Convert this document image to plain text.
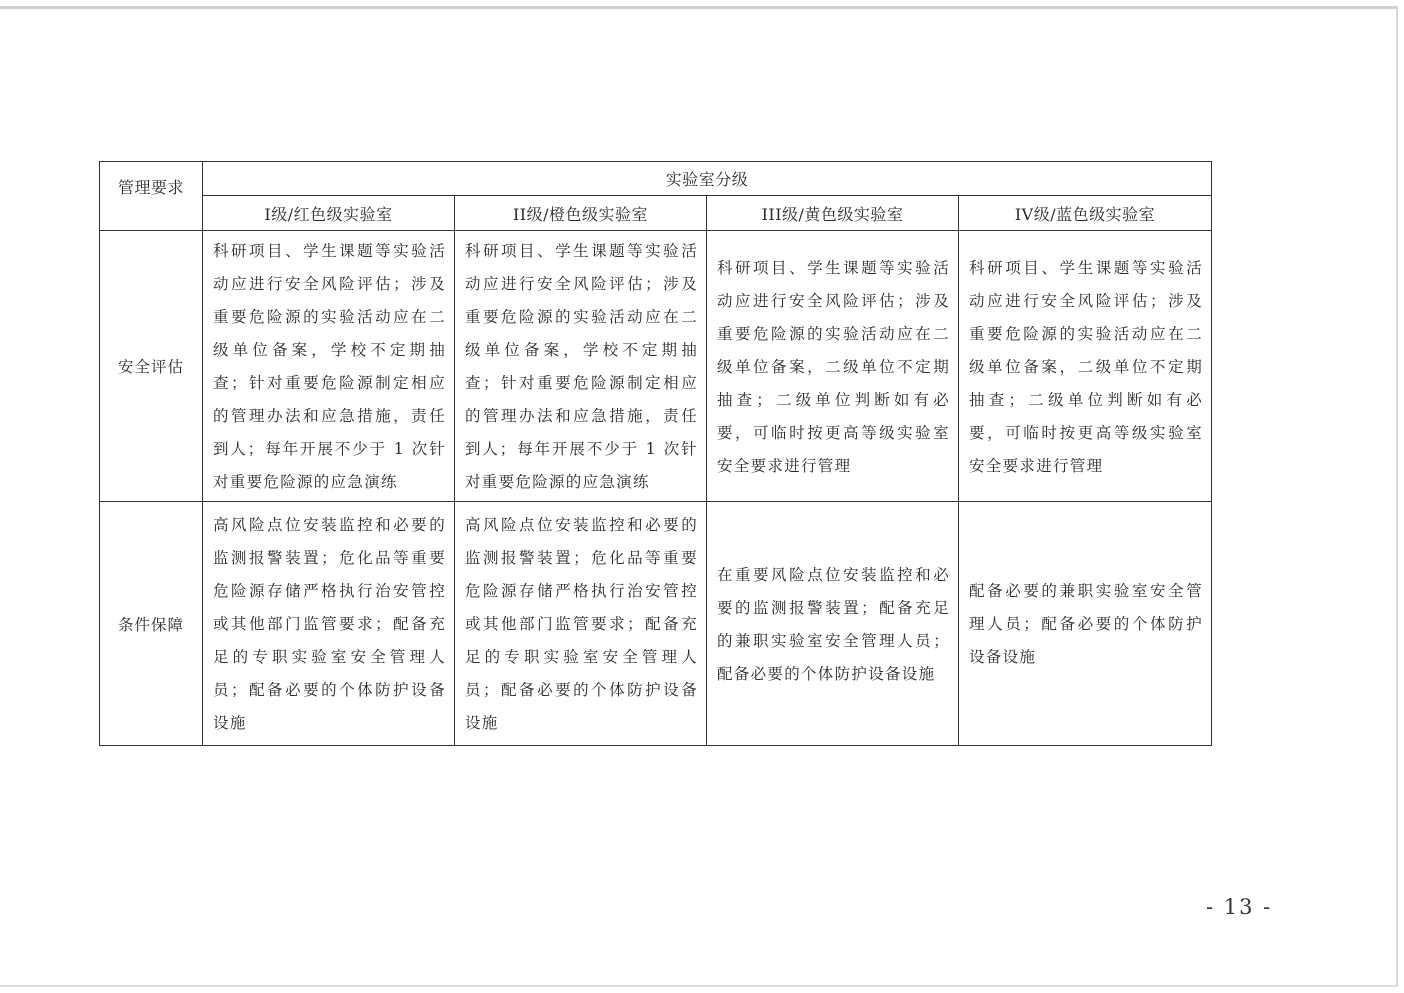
管理要求	实验室分级			
	I级/红色级实验室	II级/橙色级实验室	III级/黄色级实验室	IV级/蓝色级实验室
安全评估	科研项目、学生课题等实验活动应进行安全风险评估；涉及重要危险源的实验活动应在二级单位备案，学校不定期抽查；针对重要危险源制定相应的管理办法和应急措施，责任到人；每年开展不少于 1 次针对重要危险源的应急演练	科研项目、学生课题等实验活动应进行安全风险评估；涉及重要危险源的实验活动应在二级单位备案，学校不定期抽查；针对重要危险源制定相应的管理办法和应急措施，责任到人；每年开展不少于 1 次针对重要危险源的应急演练	科研项目、学生课题等实验活动应进行安全风险评估；涉及重要危险源的实验活动应在二级单位备案，二级单位不定期抽查；二级单位判断如有必要，可临时按更高等级实验室安全要求进行管理	科研项目、学生课题等实验活动应进行安全风险评估；涉及重要危险源的实验活动应在二级单位备案，二级单位不定期抽查；二级单位判断如有必要，可临时按更高等级实验室安全要求进行管理
条件保障	高风险点位安装监控和必要的监测报警装置；危化品等重要危险源存储严格执行治安管控或其他部门监管要求；配备充足的专职实验室安全管理人员；配备必要的个体防护设备设施	高风险点位安装监控和必要的监测报警装置；危化品等重要危险源存储严格执行治安管控或其他部门监管要求；配备充足的专职实验室安全管理人员；配备必要的个体防护设备设施	在重要风险点位安装监控和必要的监测报警装置；配备充足的兼职实验室安全管理人员；配备必要的个体防护设备设施	配备必要的兼职实验室安全管理人员；配备必要的个体防护设备设施
- 13 -
